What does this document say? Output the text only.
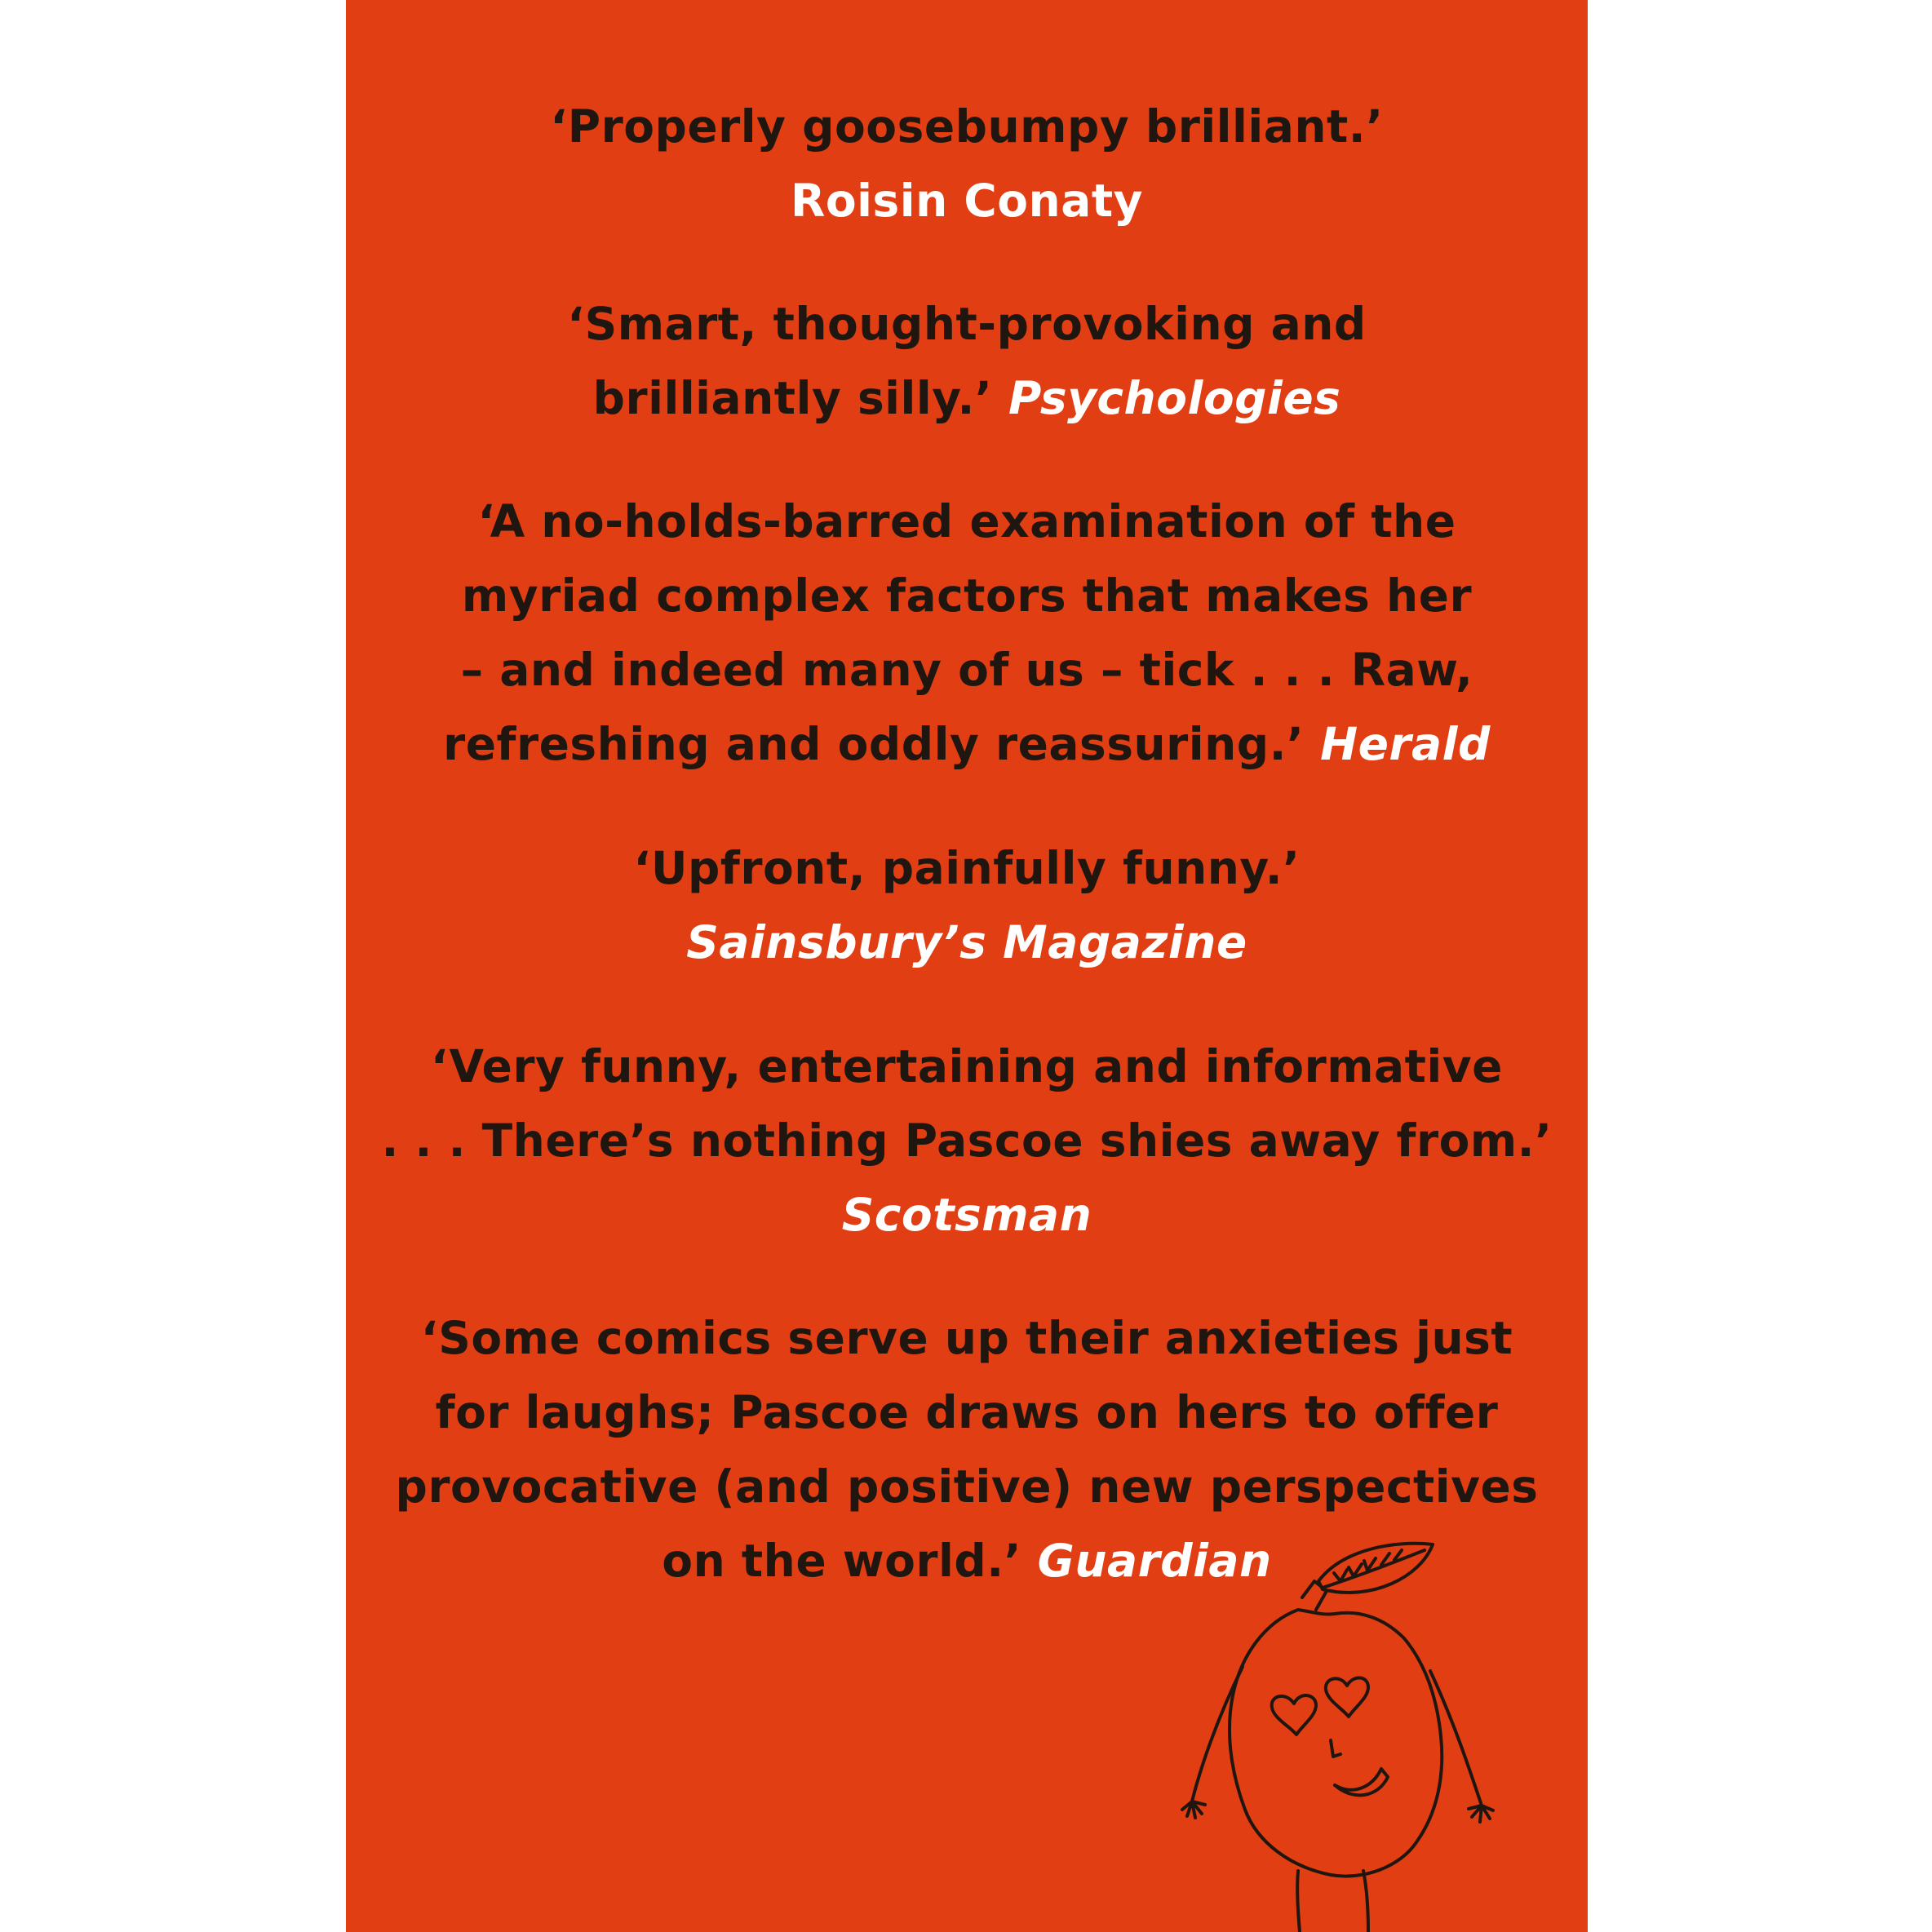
‘Properly goosebumpy brilliant.’
Roisin Conaty
‘Smart, thought-provoking and
brilliantly silly.’ Psychologies
‘A no-holds-barred examination of the
myriad complex factors that makes her
– and indeed many of us – tick . . . Raw,
refreshing and oddly reassuring.’ Herald
‘Upfront, painfully funny.’
Sainsbury’s Magazine
‘Very funny, entertaining and informative
. . . There’s nothing Pascoe shies away from.’
Scotsman
‘Some comics serve up their anxieties just
for laughs; Pascoe draws on hers to offer
provocative (and positive) new perspectives
on the world.’ Guardian
